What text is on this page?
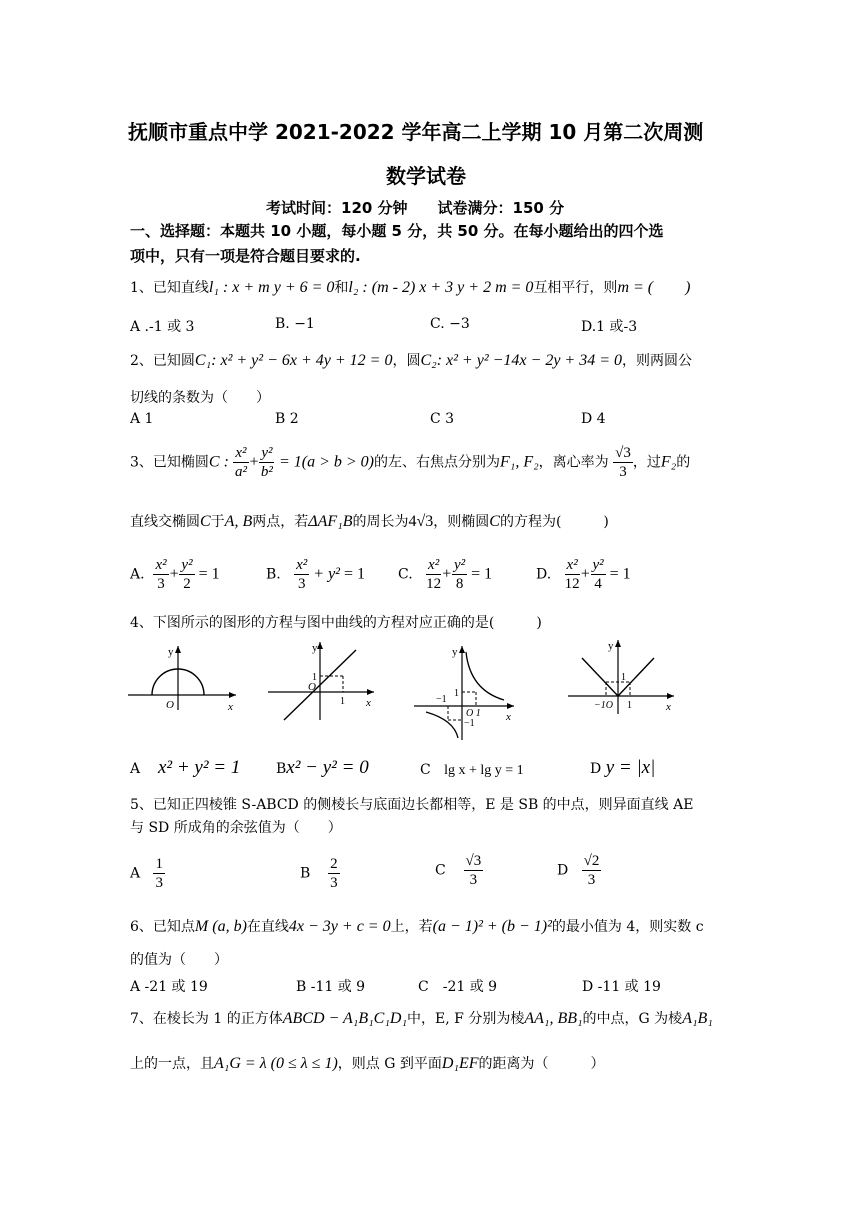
抚顺市重点中学 2021-2022 学年高二上学期 10 月第二次周测
数学试卷
考试时间：120 分钟　　试卷满分：150 分
一、选择题：本题共 10 小题，每小题 5 分，共 50 分。在每小题给出的四个选
项中，只有一项是符合题目要求的.
1、已知直线l₁ : x + m y + 6 = 0和l₂ : (m - 2) x + 3 y + 2 m = 0互相平行，则m = (　　)
A .-1 或 3	B. −1	C. −3	D.1 或-3
2、已知圆C₁: x² + y² − 6x + 4y + 12 = 0，圆C₂: x² + y² −14x − 2y + 34 = 0，则两圆公
切线的条数为（　　）
A 1	B 2	C 3	D 4
3、已知椭圆C : $\frac{\text{x²}}{\text{a²}} + \frac{\text{y²}}{\text{b²}} = 1(a > b > 0)$的左、右焦点分别为F₁, F₂，离心率为 $\frac{√3}{3}$ ，过F₂的
直线交椭圆C于A, B两点，若ΔAF₁B的周长为4√3，则椭圆C的方程为(　　　)
A. $\frac{\text{x²}}{3} + \frac{\text{y²}}{2} = 1$	B. $\frac{\text{x²}}{3} + y^2 = 1$ C. $\frac{\text{x²}}{12} + \frac{\text{y²}}{8} = 1$	D. $\frac{\text{x²}}{12} + \frac{\text{y²}}{4} = 1$
4、下图所示的图形的方程与图中曲线的方程对应正确的是(　　　)
y
O	x
y
1
O
1 x
y
1
−1
O 1
−1
x
y
1
−1O 1	x
A x² + y² = 1	Bx² − y² = 0	C lg x + lg y = 1	D y = |x|
5、已知正四棱锥 S-ABCD 的侧棱长与底面边长都相等，E 是 SB 的中点，则异面直线 AE
与 SD 所成角的余弦值为（　　）
A $\frac{1}{3}$	B $\frac{2}{3}$	C $\frac{√3}{3}$	D $\frac{√2}{3}$
6、已知点M (a, b)在直线4x − 3y + c = 0上，若(a − 1)² + (b − 1)²的最小值为 4，则实数 c
的值为（　　）
A -21 或 19	B -11 或 9	C　-21 或 9	D -11 或 19
7、在棱长为 1 的正方体ABCD − A₁B₁C₁D₁中，E, F 分别为棱AA₁, BB₁的中点，G 为棱A₁B₁
上的一点，且A₁G = λ (0 ≤ λ ≤ 1)，则点 G 到平面D₁EF的距离为（　　　）
